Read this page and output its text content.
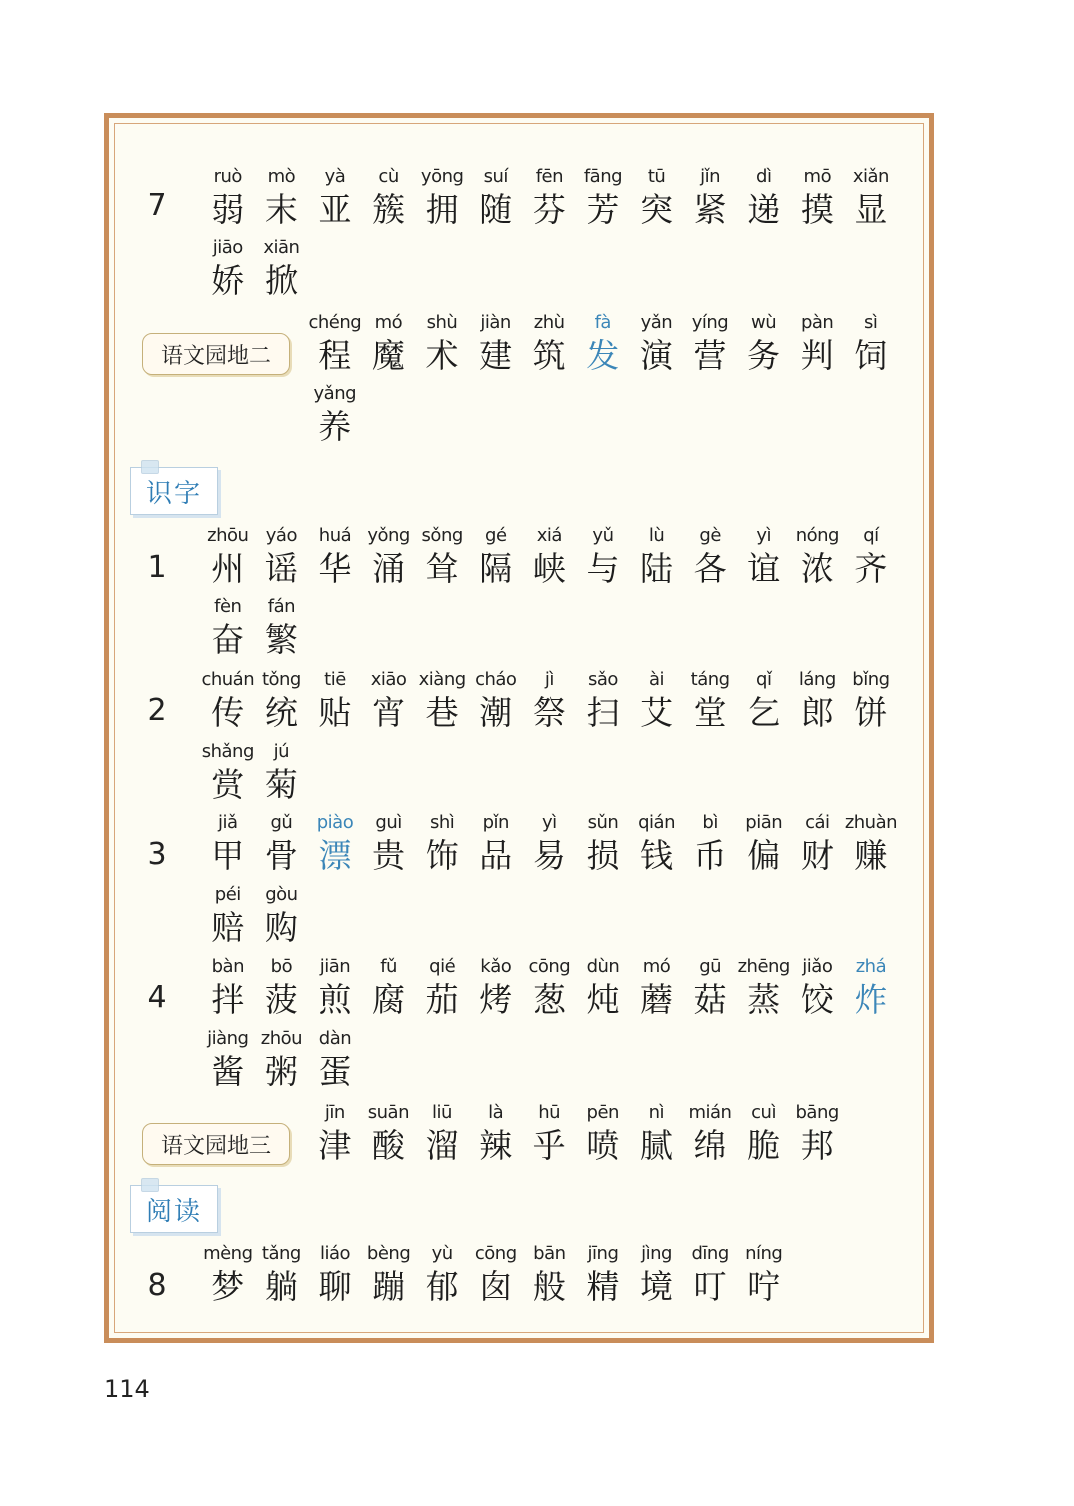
7
ruò
弱
mò
末
yà
亚
cù
簇
yōng
拥
suí
随
fēn
芬
fāng
芳
tū
突
jǐn
紧
dì
递
mō
摸
xiǎn
显
jiāo
娇
xiān
掀
语文园地二
chéng
程
mó
魔
shù
术
jiàn
建
zhù
筑
fà
发
yǎn
演
yíng
营
wù
务
pàn
判
sì
饲
yǎng
养
识字
1
zhōu
州
yáo
谣
huá
华
yǒng
涌
sǒng
耸
gé
隔
xiá
峡
yǔ
与
lù
陆
gè
各
yì
谊
nóng
浓
qí
齐
fèn
奋
fán
繁
2
chuán
传
tǒng
统
tiē
贴
xiāo
宵
xiàng
巷
cháo
潮
jì
祭
sǎo
扫
ài
艾
táng
堂
qǐ
乞
láng
郎
bǐng
饼
shǎng
赏
jú
菊
3
jiǎ
甲
gǔ
骨
piào
漂
guì
贵
shì
饰
pǐn
品
yì
易
sǔn
损
qián
钱
bì
币
piān
偏
cái
财
zhuàn
赚
péi
赔
gòu
购
4
bàn
拌
bō
菠
jiān
煎
fǔ
腐
qié
茄
kǎo
烤
cōng
葱
dùn
炖
mó
蘑
gū
菇
zhēng
蒸
jiǎo
饺
zhá
炸
jiàng
酱
zhōu
粥
dàn
蛋
语文园地三
jīn
津
suān
酸
liū
溜
là
辣
hū
乎
pēn
喷
nì
腻
mián
绵
cuì
脆
bāng
邦
阅读
8
mèng
梦
tǎng
躺
liáo
聊
bèng
蹦
yù
郁
cōng
囱
bān
般
jīng
精
jìng
境
dīng
叮
níng
咛
114
